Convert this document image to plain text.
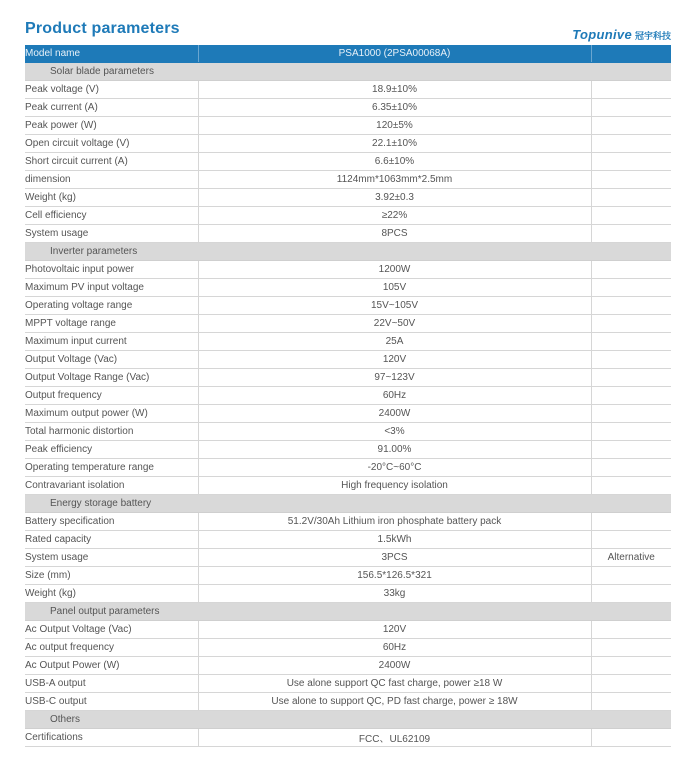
Product parameters	Topunive 冠宇科技
Model name	PSA1000 (2PSA00068A)	
Solar blade parameters		
Peak voltage (V)	18.9±10%	
Peak current (A)	6.35±10%	
Peak power (W)	120±5%	
Open circuit voltage (V)	22.1±10%	
Short circuit current (A)	6.6±10%	
dimension	1124mm*1063mm*2.5mm	
Weight (kg)	3.92±0.3	
Cell efficiency	≥22%	
System usage	8PCS	
Inverter parameters		
Photovoltaic input power	1200W	
Maximum PV input voltage	105V	
Operating voltage range	15V~105V	
MPPT voltage range	22V~50V	
Maximum input current	25A	
Output Voltage (Vac)	120V	
Output Voltage Range (Vac)	97~123V	
Output frequency	60Hz	
Maximum output power (W)	2400W	
Total harmonic distortion	<3%	
Peak efficiency	91.00%	
Operating temperature range	-20°C~60°C	
Contravariant isolation	High frequency isolation	
Energy storage battery		
Battery specification	51.2V/30Ah Lithium iron phosphate battery pack	
Rated capacity	1.5kWh	
System usage	3PCS	Alternative
Size (mm)	156.5*126.5*321	
Weight (kg)	33kg	
Panel output parameters		
Ac Output Voltage (Vac)	120V	
Ac output frequency	60Hz	
Ac Output Power (W)	2400W	
USB-A output	Use alone support QC fast charge, power ≥18 W	
USB-C output	Use alone to support QC, PD fast charge, power ≥ 18W	
Others		
Certifications	FCC、UL62109	
